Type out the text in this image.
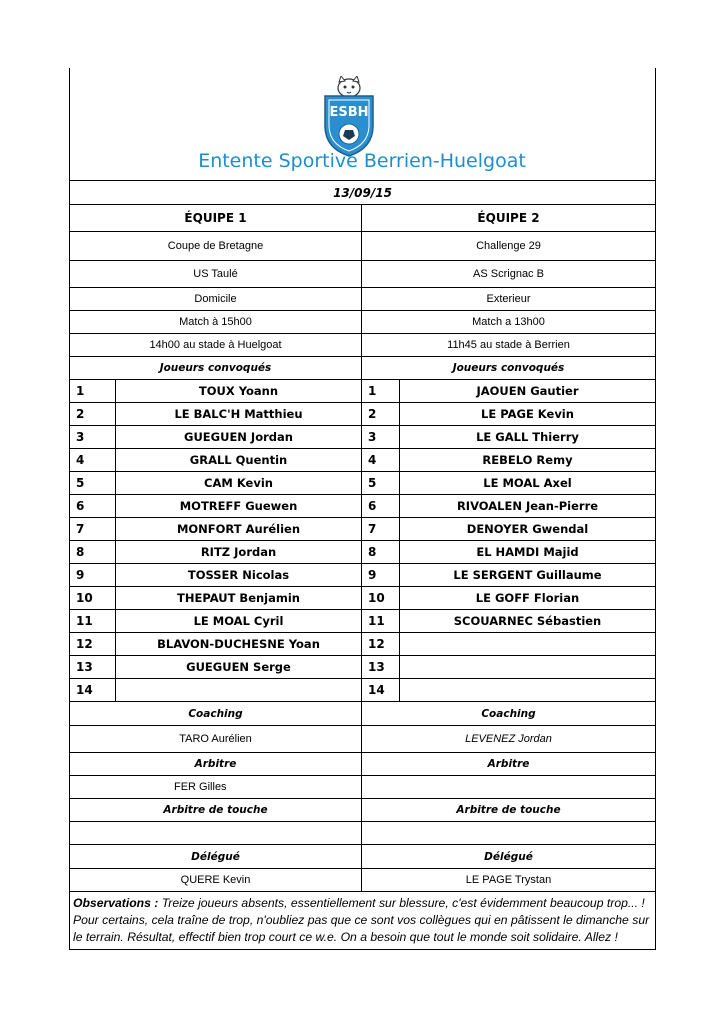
ESBH
Entente Sportive Berrien-Huelgoat
13/09/15			
ÉQUIPE 1		ÉQUIPE 2	
Coupe de Bretagne		Challenge 29	
US Taulé		AS Scrignac B	
Domicile		Exterieur	
Match à 15h00		Match a 13h00	
14h00 au stade à Huelgoat		11h45 au stade à Berrien	
Joueurs convoqués		Joueurs convoqués	
1	TOUX Yoann	1	JAOUEN Gautier
2	LE BALC'H Matthieu	2	LE PAGE Kevin
3	GUEGUEN Jordan	3	LE GALL Thierry
4	GRALL Quentin	4	REBELO Remy
5	CAM Kevin	5	LE MOAL Axel
6	MOTREFF Guewen	6	RIVOALEN Jean-Pierre
7	MONFORT Aurélien	7	DENOYER Gwendal
8	RITZ Jordan	8	EL HAMDI Majid
9	TOSSER Nicolas	9	LE SERGENT Guillaume
10	THEPAUT Benjamin	10	LE GOFF Florian
11	LE MOAL Cyril	11	SCOUARNEC Sébastien
12	BLAVON-DUCHESNE Yoan	12	
13	GUEGUEN Serge	13	
14		14	
Coaching		Coaching	
TARO Aurélien		LEVENEZ Jordan	
Arbitre		Arbitre	
FER Gilles			
Arbitre de touche		Arbitre de touche	

Délégué		Délégué	
QUERE Kevin		LE PAGE Trystan	
Observations : Treize joueurs absents, essentiellement sur blessure, c'est évidemment beaucoup trop... ! Pour certains, cela traîne de trop, n'oubliez pas que ce sont vos collègues qui en pâtissent le dimanche sur le terrain. Résultat, effectif bien trop court ce w.e. On a besoin que tout le monde soit solidaire. Allez !			
